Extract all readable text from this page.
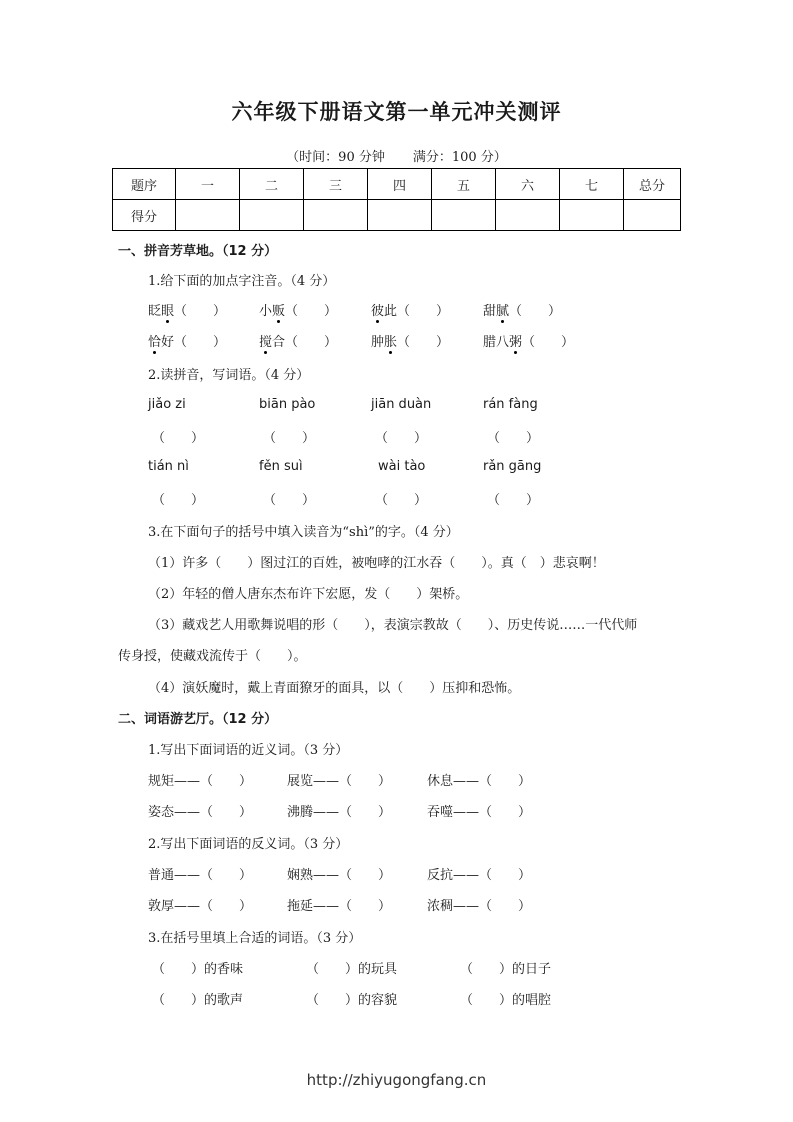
六年级下册语文第一单元冲关测评
（时间：90 分钟 满分：100 分）
题序	一	二	三	四	五	六	七	总分
得分								
一、拼音芳草地。（12 分）
1.给下面的加点字注音。（4 分）
眨眼（　　）	小贩（　　）	彼此（　　）	甜腻（　　）
恰好（　　）	搅合（　　）	肿胀（　　）	腊八粥（　　）
2.读拼音，写词语。（4 分）
jiǎo zi	biān pào	jiān duàn	rán fàng
（　　）	（　　）	（　　）	（　　）
tián nì	fěn suì	wài tào	rǎn gāng
（　　）	（　　）	（　　）	（　　）
3.在下面句子的括号中填入读音为“shì”的字。（4 分）
（1）许多（　　）图过江的百姓，被咆哮的江水吞（　　）。真（　）悲哀啊！
（2）年轻的僧人唐东杰布许下宏愿，发（　　）架桥。
（3）藏戏艺人用歌舞说唱的形（　　），表演宗教故（　　）、历史传说……一代代师
传身授，使藏戏流传于（　　）。
（4）演妖魔时，戴上青面獠牙的面具，以（　　）压抑和恐怖。
二、词语游艺厅。（12 分）
1.写出下面词语的近义词。（3 分）
规矩——（　　）	展览——（　　）	休息——（　　）
姿态——（　　）	沸腾——（　　）	吞噬——（　　）
2.写出下面词语的反义词。（3 分）
普通——（　　）	娴熟——（　　）	反抗——（　　）
敦厚——（　　）	拖延——（　　）	浓稠——（　　）
3.在括号里填上合适的词语。（3 分）
（　　）的香味	（　　）的玩具	（　　）的日子
（　　）的歌声	（　　）的容貌	（　　）的唱腔
http://zhiyugongfang.cn
